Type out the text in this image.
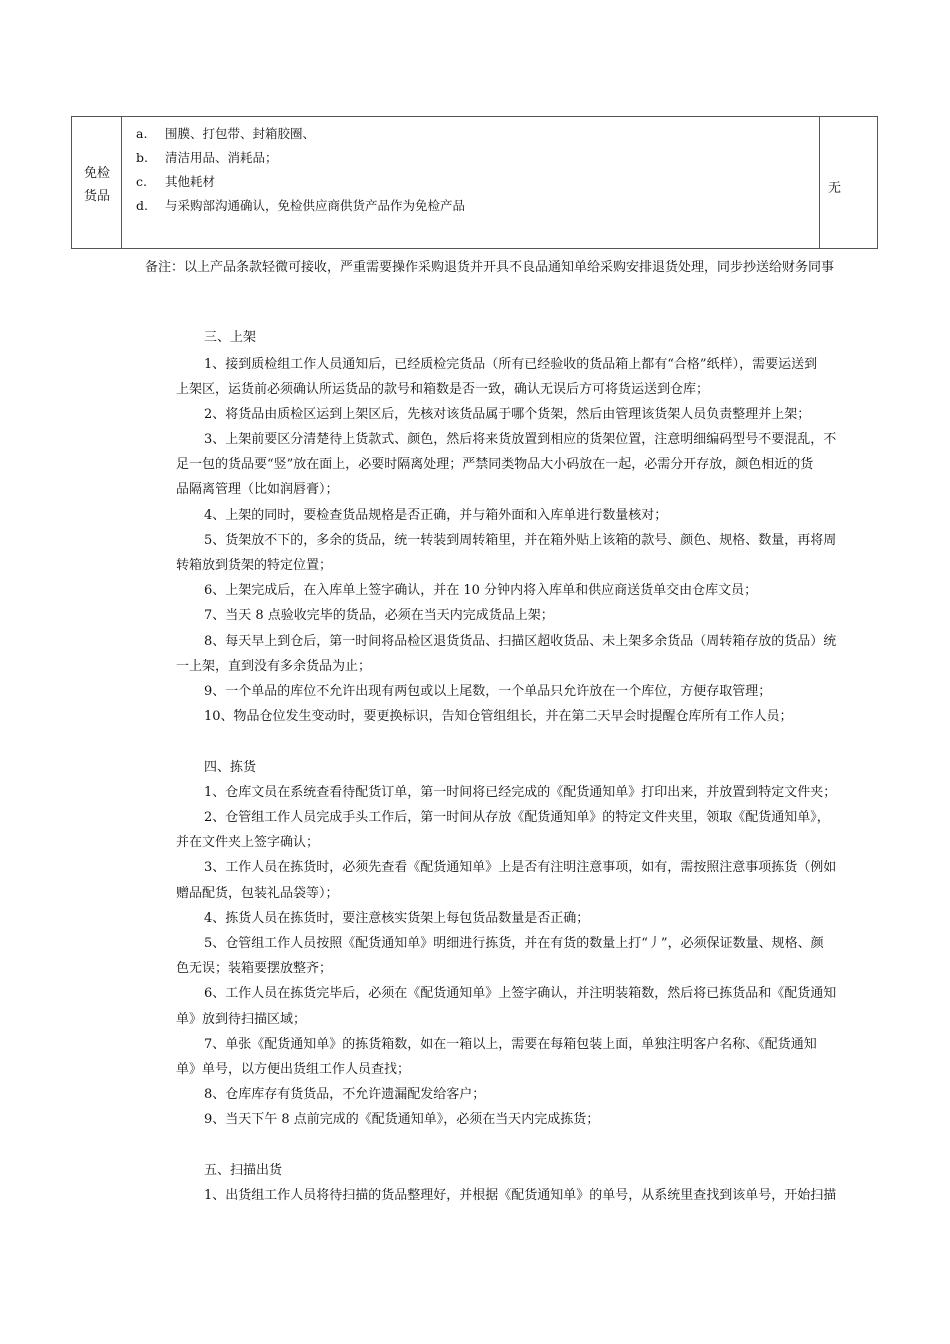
免检
货品
a. 围膜、打包带、封箱胶圈、
b. 清洁用品、消耗品；
c. 其他耗材
d. 与采购部沟通确认，免检供应商供货产品作为免检产品
无
备注：以上产品条款轻微可接收，严重需要操作采购退货并开具不良品通知单给采购安排退货处理，同步抄送给财务同事
三、上架
1、接到质检组工作人员通知后，已经质检完货品（所有已经验收的货品箱上都有“合格”纸样），需要运送到
上架区，运货前必须确认所运货品的款号和箱数是否一致，确认无误后方可将货运送到仓库；
2、将货品由质检区运到上架区后，先核对该货品属于哪个货架，然后由管理该货架人员负责整理并上架；
3、上架前要区分清楚待上货款式、颜色，然后将来货放置到相应的货架位置，注意明细编码型号不要混乱，不
足一包的货品要“竖”放在面上，必要时隔离处理；严禁同类物品大小码放在一起，必需分开存放，颜色相近的货
品隔离管理（比如润唇膏）；
4、上架的同时，要检查货品规格是否正确，并与箱外面和入库单进行数量核对；
5、货架放不下的，多余的货品，统一转装到周转箱里，并在箱外贴上该箱的款号、颜色、规格、数量，再将周
转箱放到货架的特定位置；
6、上架完成后，在入库单上签字确认，并在 10 分钟内将入库单和供应商送货单交由仓库文员；
7、当天 8 点验收完毕的货品，必须在当天内完成货品上架；
8、每天早上到仓后，第一时间将品检区退货货品、扫描区超收货品、未上架多余货品（周转箱存放的货品）统
一上架，直到没有多余货品为止；
9、一个单品的库位不允许出现有两包或以上尾数，一个单品只允许放在一个库位，方便存取管理；
10、物品仓位发生变动时，要更换标识，告知仓管组组长，并在第二天早会时提醒仓库所有工作人员；
四、拣货
1、仓库文员在系统查看待配货订单，第一时间将已经完成的《配货通知单》打印出来，并放置到特定文件夹；
2、仓管组工作人员完成手头工作后，第一时间从存放《配货通知单》的特定文件夹里，领取《配货通知单》，
并在文件夹上签字确认；
3、工作人员在拣货时，必须先查看《配货通知单》上是否有注明注意事项，如有，需按照注意事项拣货（例如
赠品配货，包装礼品袋等）；
4、拣货人员在拣货时，要注意核实货架上每包货品数量是否正确；
5、仓管组工作人员按照《配货通知单》明细进行拣货，并在有货的数量上打“丿”，必须保证数量、规格、颜
色无误；装箱要摆放整齐；
6、工作人员在拣货完毕后，必须在《配货通知单》上签字确认，并注明装箱数，然后将已拣货品和《配货通知
单》放到待扫描区域；
7、单张《配货通知单》的拣货箱数，如在一箱以上，需要在每箱包装上面，单独注明客户名称、《配货通知
单》单号，以方便出货组工作人员查找；
8、仓库库存有货货品，不允许遗漏配发给客户；
9、当天下午 8 点前完成的《配货通知单》，必须在当天内完成拣货；
五、扫描出货
1、出货组工作人员将待扫描的货品整理好，并根据《配货通知单》的单号，从系统里查找到该单号，开始扫描
